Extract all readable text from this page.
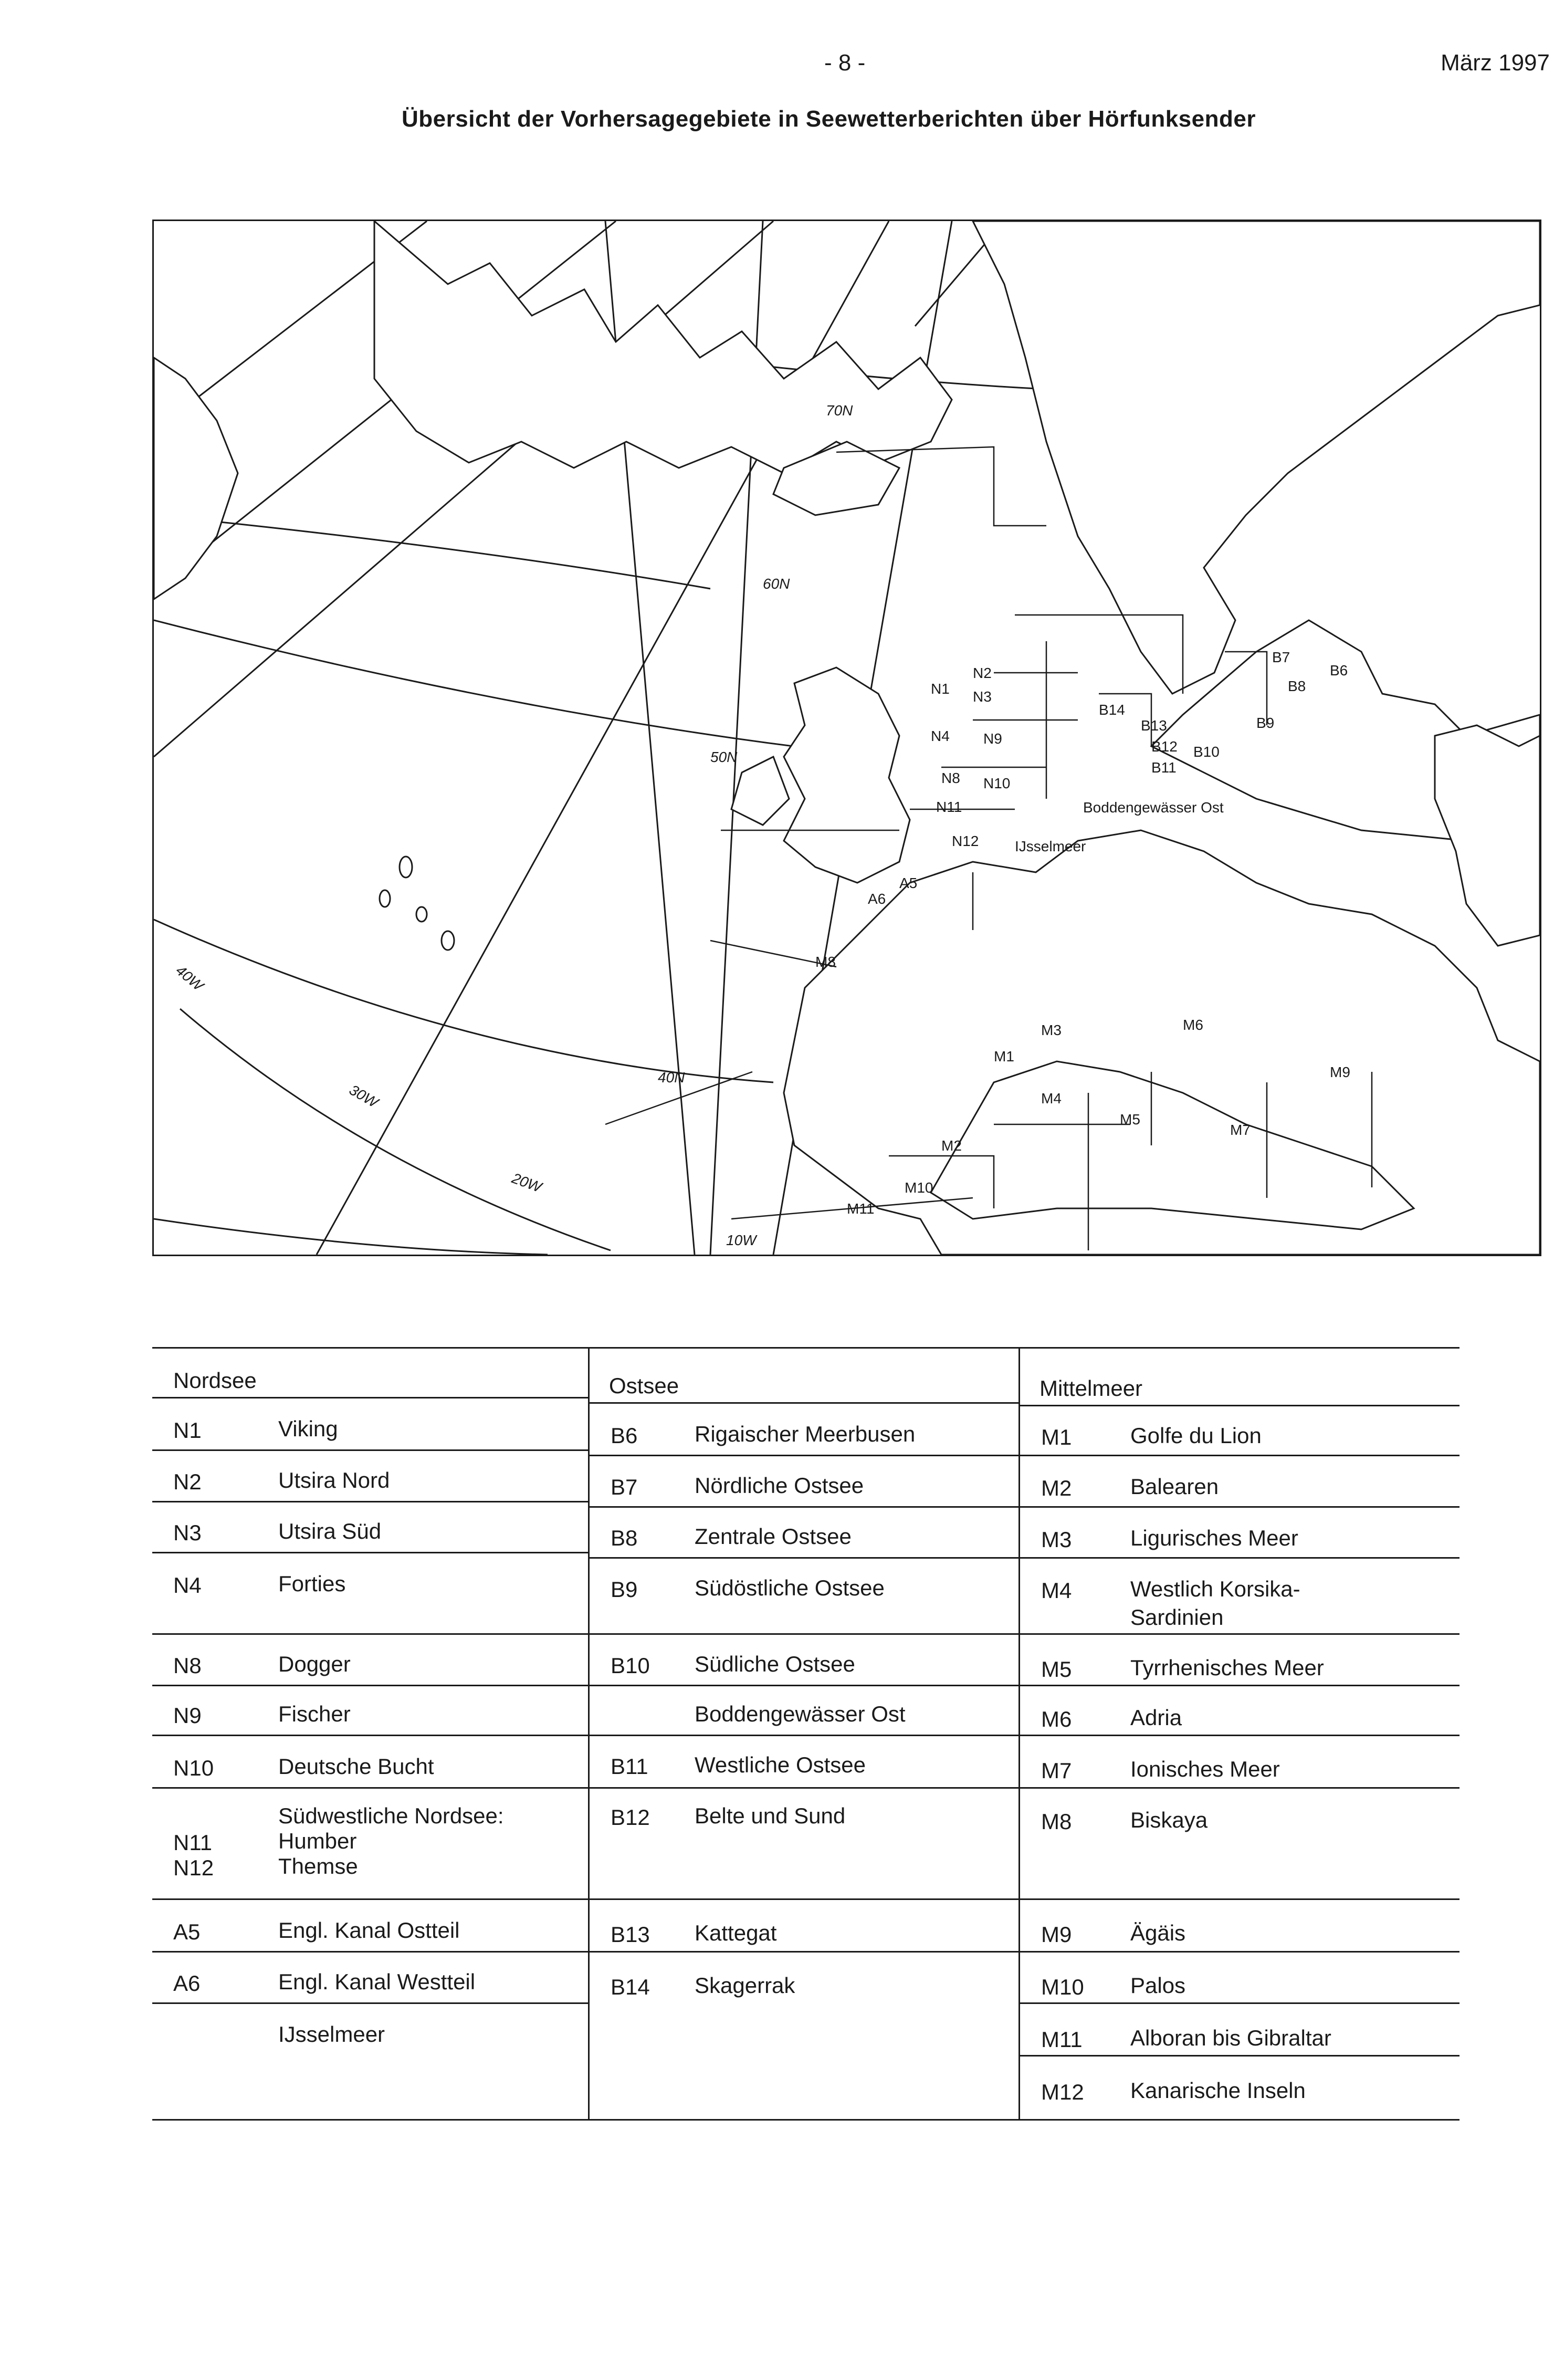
- 8 -	März 1997
Übersicht der Vorhersagegebiete in Seewetterberichten über Hörfunksender
70N
60N
50N
40N
40W
30W
20W
10W
N1
N2
N3
N4
N8
N9
N10
N11
N12
B7
B6
B8
B9
B10
B11
B12
B13
B14
A5
A6
M8
M1
M2
M3
M4
M5
M6
M7
M9
M10
M11
Boddengewässer Ost
IJsselmeer
Nordsee	Ostsee	Mittelmeer
N1	Viking
N2	Utsira Nord
N3	Utsira Süd
N4	Forties
N8	Dogger
N9	Fischer
N10	Deutsche Bucht
Südwestliche Nordsee:
N11	Humber
N12	Themse
A5	Engl. Kanal Ostteil
A6	Engl. Kanal Westteil
IJsselmeer
B6	Rigaischer Meerbusen
B7	Nördliche Ostsee
B8	Zentrale Ostsee
B9	Südöstliche Ostsee
B10 Südliche Ostsee
Boddengewässer Ost
B11 Westliche Ostsee
B12 Belte und Sund
B13 Kattegat
B14 Skagerrak
M1	Golfe du Lion
M2	Balearen
M3	Ligurisches Meer
M4	Westlich Korsika-
Sardinien
M5	Tyrrhenisches Meer
M6	Adria
M7	Ionisches Meer
M8	Biskaya
M9	Ägäis
M10 Palos
M11 Alboran bis Gibraltar
M12 Kanarische Inseln
